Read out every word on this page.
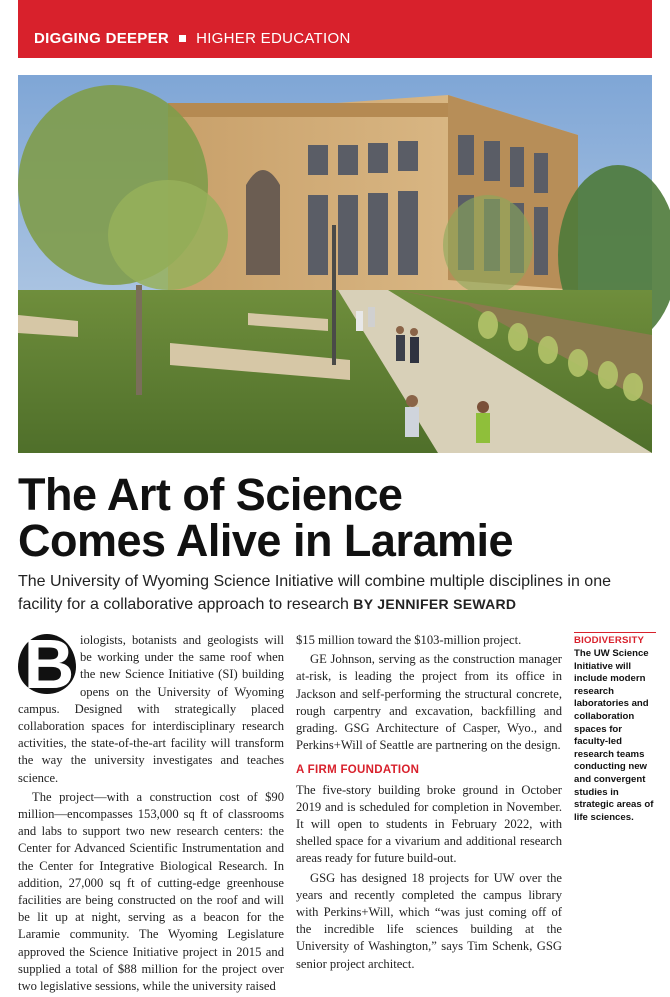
DIGGING DEEPER HIGHER EDUCATION
The Art of Science
Comes Alive in Laramie
The University of Wyoming Science Initiative will combine multiple disciplines in one facility for a collaborative approach to research BY JENNIFER SEWARD
B iologists, botanists and geologists will be working under the same roof when the new Science Initiative (SI) building opens on the University of Wyoming campus. Designed with strategically placed collaboration spaces for interdisciplinary research activities, the state-of-the-art facility will transform the way the university investigates and teaches science.

The project—with a construction cost of $90 million—encompasses 153,000 sq ft of classrooms and labs to support two new research centers: the Center for Advanced Scientific Instrumentation and the Center for Integrative Biological Research. In addition, 27,000 sq ft of cutting-edge greenhouse facilities are being constructed on the roof and will be lit up at night, serving as a beacon for the Laramie community. The Wyoming Legislature approved the Science Initiative project in 2015 and supplied a total of $88 million for the project over two legislative sessions, while the university raised

$15 million toward the $103-million project.

GE Johnson, serving as the construction manager at-risk, is leading the project from its office in Jackson and self-performing the structural concrete, rough carpentry and excavation, backfilling and grading. GSG Architecture of Casper, Wyo., and Perkins+Will of Seattle are partnering on the design.

A FIRM FOUNDATION

The five-story building broke ground in October 2019 and is scheduled for completion in November. It will open to students in February 2022, with shelled space for a vivarium and additional research areas ready for future build-out.

GSG has designed 18 projects for UW over the years and recently completed the campus library with Perkins+Will, which “was just coming off of the incredible life sciences building at the University of Washington,” says Tim Schenk, GSG senior project architect.

BIODIVERSITY
The UW Science Initiative will include modern research laboratories and collaboration spaces for faculty-led research teams conducting new and convergent studies in strategic areas of life sciences.
